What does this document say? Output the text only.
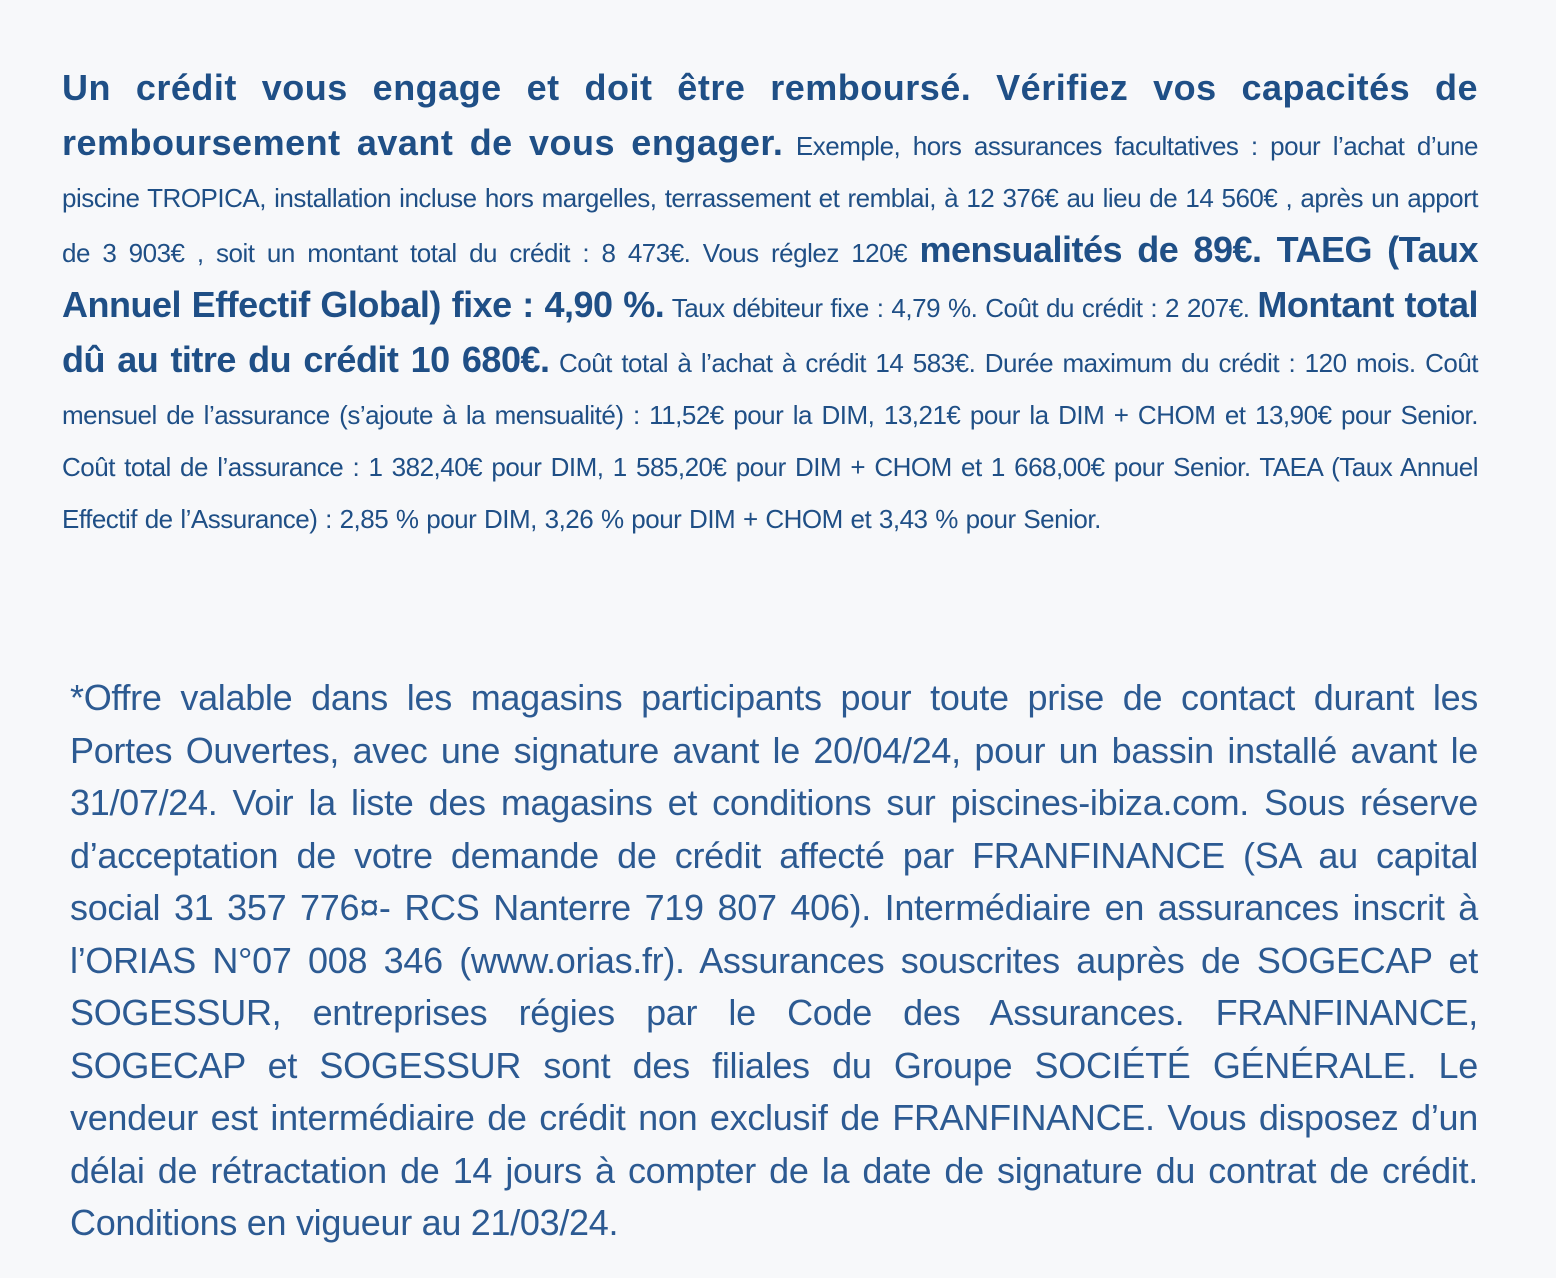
Un crédit vous engage et doit être remboursé. Vérifiez vos capacités de remboursement avant de vous engager. Exemple, hors assurances facultatives : pour l’achat d’une piscine TROPICA, installation incluse hors margelles, terrassement et remblai, à 12 376€ au lieu de 14 560€ , après un apport de 3 903€ , soit un montant total du crédit : 8 473€. Vous réglez 120€ mensualités de 89€. TAEG (Taux Annuel Effectif Global) fixe : 4,90 %. Taux débiteur fixe : 4,79 %. Coût du crédit : 2 207€. Montant total dû au titre du crédit 10 680€. Coût total à l’achat à crédit 14 583€. Durée maximum du crédit : 120 mois. Coût mensuel de l’assurance (s’ajoute à la mensualité) : 11,52€ pour la DIM, 13,21€ pour la DIM + CHOM et 13,90€ pour Senior. Coût total de l’assurance : 1 382,40€ pour DIM, 1 585,20€ pour DIM + CHOM et 1 668,00€ pour Senior. TAEA (Taux Annuel Effectif de l’Assurance) : 2,85 % pour DIM, 3,26 % pour DIM + CHOM et 3,43 % pour Senior.
*Offre valable dans les magasins participants pour toute prise de contact durant les Portes Ouvertes, avec une signature avant le 20/04/24, pour un bassin installé avant le 31/07/24. Voir la liste des magasins et conditions sur piscines-ibiza.com. Sous réserve d’acceptation de votre demande de crédit affecté par FRANFINANCE (SA au capital social 31 357 776¤- RCS Nanterre 719 807 406). Intermédiaire en assurances inscrit à l’ORIAS N°07 008 346 (www.orias.fr). Assurances souscrites auprès de SOGECAP et SOGESSUR, entreprises régies par le Code des Assurances. FRANFINANCE, SOGECAP et SOGESSUR sont des filiales du Groupe SOCIÉTÉ GÉNÉRALE. Le vendeur est intermédiaire de crédit non exclusif de FRANFINANCE. Vous disposez d’un délai de rétractation de 14 jours à compter de la date de signature du contrat de crédit. Conditions en vigueur au 21/03/24.
